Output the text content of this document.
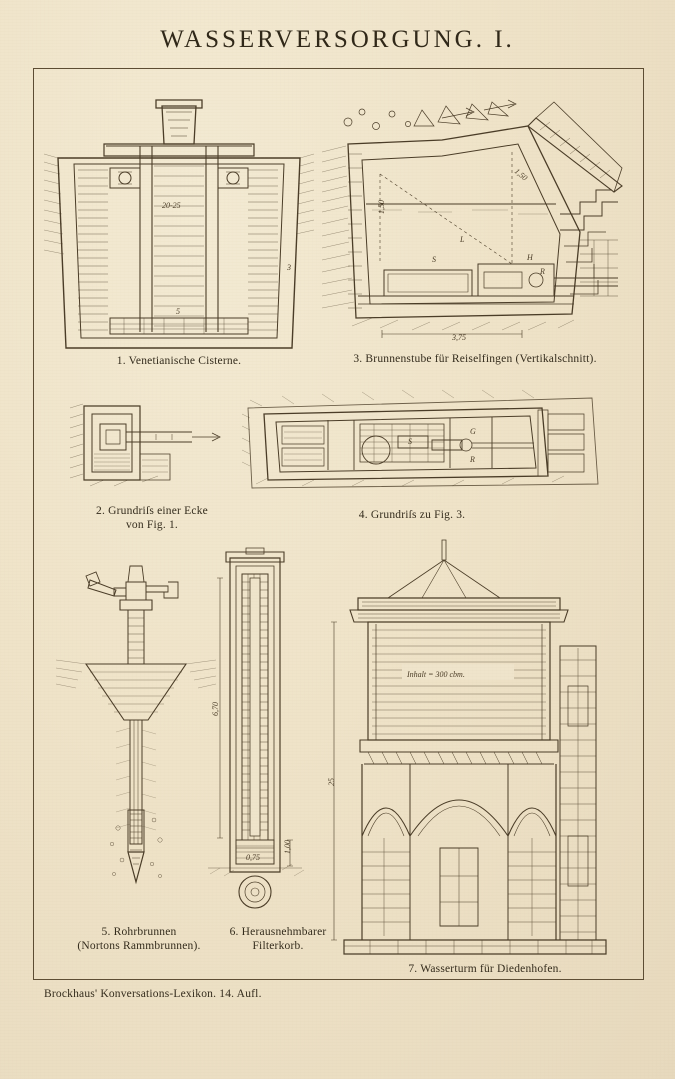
WASSERVERSORGUNG. I.
20-25
3
5
1. Venetianische Cisterne.
1,50
1,50
L
S	H
R
3,75
3. Brunnenstube für Reiselfingen (Vertikalschnitt).
2. Grundriſs einer Ecke
von Fig. 1.
S
G
R
4. Grundriſs zu Fig. 3.
5. Rohrbrunnen
(Nortons Rammbrunnen).
6,70
1,00
0,75
6. Herausnehmbarer
Filterkorb.
Inhalt = 300 cbm.
25
7. Wasserturm für Diedenhofen.
Brockhaus' Konversations-Lexikon. 14. Aufl.
